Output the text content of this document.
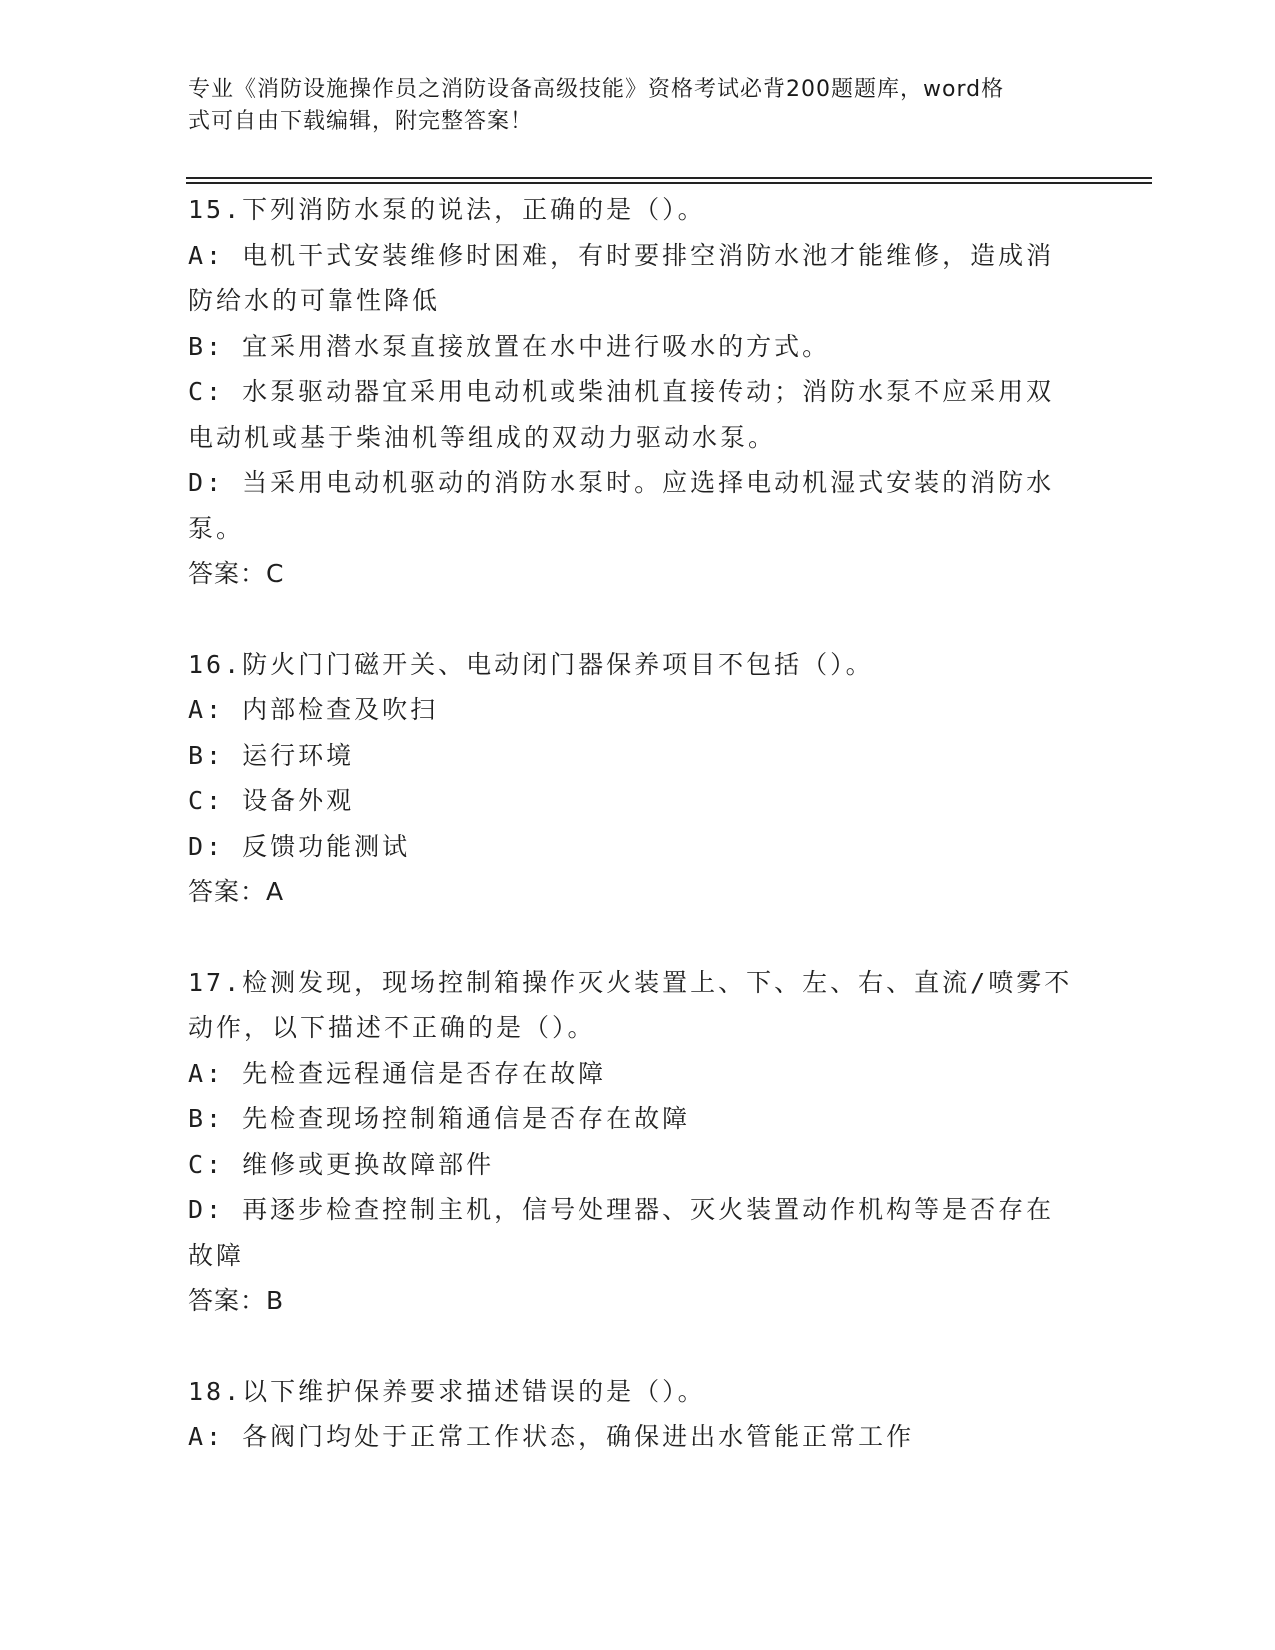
专业《消防设施操作员之消防设备高级技能》资格考试必背200题题库，word格
式可自由下载编辑，附完整答案！
15.下列消防水泵的说法，正确的是（）。
A: 电机干式安装维修时困难，有时要排空消防水池才能维修，造成消防给水的可靠性降低
B: 宜采用潜水泵直接放置在水中进行吸水的方式。
C: 水泵驱动器宜采用电动机或柴油机直接传动；消防水泵不应采用双电动机或基于柴油机等组成的双动力驱动水泵。
D: 当采用电动机驱动的消防水泵时。应选择电动机湿式安装的消防水泵。
答案：C
16.防火门门磁开关、电动闭门器保养项目不包括（）。
A: 内部检查及吹扫
B: 运行环境
C: 设备外观
D: 反馈功能测试
答案：A
17.检测发现，现场控制箱操作灭火装置上、下、左、右、直流/喷雾不动作，以下描述不正确的是（）。
A: 先检查远程通信是否存在故障
B: 先检查现场控制箱通信是否存在故障
C: 维修或更换故障部件
D: 再逐步检查控制主机，信号处理器、灭火装置动作机构等是否存在故障
答案：B
18.以下维护保养要求描述错误的是（）。
A: 各阀门均处于正常工作状态，确保进出水管能正常工作
